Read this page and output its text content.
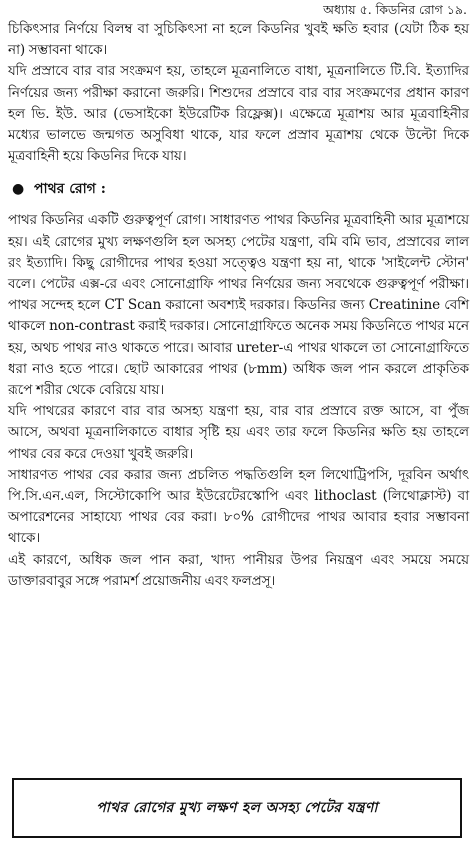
অধ্যায় ৫. কিডনির রোগ ১৯.

চিকিৎসার নির্ণয়ে বিলম্ব বা সুচিকিৎসা না হলে কিডনির খুবই ক্ষতি হবার (যেটা ঠিক হয় না) সম্ভাবনা থাকে।

যদি প্রস্রাবে বার বার সংক্রমণ হয়, তাহলে মূত্রনালিতে বাধা, মূত্রনালিতে টি.বি. ইত্যাদির নির্ণয়ের জন্য পরীক্ষা করানো জরুরি। শিশুদের প্রস্রাবে বার বার সংক্রমণের প্রধান কারণ হল ভি. ইউ. আর (ভেসাইকো ইউরেটিক রিফ্লেক্স)। এক্ষেত্রে মূত্রাশয় আর মূত্রবাহিনীর মধ্যের ভালভে জন্মগত অসুবিধা থাকে, যার ফলে প্রস্রাব মূত্রাশয় থেকে উল্টো দিকে মূত্রবাহিনী হয়ে কিডনির দিকে যায়।

● পাথর রোগ :

পাথর কিডনির একটি গুরুত্বপূর্ণ রোগ। সাধারণত পাথর কিডনির মূত্রবাহিনী আর মূত্রাশয়ে হয়। এই রোগের মুখ্য লক্ষণগুলি হল অসহ্য পেটের যন্ত্রণা, বমি বমি ভাব, প্রস্রাবের লাল রং ইত্যাদি। কিছু রোগীদের পাথর হওয়া সত্ত্বেও যন্ত্রণা হয় না, থাকে 'সাইলেন্ট স্টোন' বলে। পেটের এক্স-রে এবং সোনোগ্রাফি পাথর নির্ণয়ের জন্য সবথেকে গুরুত্বপূর্ণ পরীক্ষা। পাথর সন্দেহ হলে CT Scan করানো অবশ্যই দরকার। কিডনির জন্য Creatinine বেশি থাকলে non-contrast করাই দরকার। সোনোগ্রাফিতে অনেক সময় কিডনিতে পাথর মনে হয়, অথচ পাথর নাও থাকতে পারে। আবার ureter-এ পাথর থাকলে তা সোনোগ্রাফিতে ধরা নাও হতে পারে। ছোট আকারের পাথর (৮mm) অধিক জল পান করলে প্রাকৃতিক রূপে শরীর থেকে বেরিয়ে যায়।

যদি পাথরের কারণে বার বার অসহ্য যন্ত্রণা হয়, বার বার প্রস্রাবে রক্ত আসে, বা পুঁজ আসে, অথবা মূত্রনালিকাতে বাধার সৃষ্টি হয় এবং তার ফলে কিডনির ক্ষতি হয় তাহলে পাথর বের করে দেওয়া খুবই জরুরি।

সাধারণত পাথর বের করার জন্য প্রচলিত পদ্ধতিগুলি হল লিথোট্রিপসি, দূরবিন অর্থাৎ পি.সি.এন.এল, সিস্টোকোপি আর ইউরেটেরস্কোপি এবং lithoclast (লিথোক্লাস্ট) বা অপারেশনের সাহায্যে পাথর বের করা। ৮০% রোগীদের পাথর আবার হবার সম্ভাবনা থাকে।

এই কারণে, অধিক জল পান করা, খাদ্য পানীয়র উপর নিয়ন্ত্রণ এবং সময়ে সময়ে ডাক্তারবাবুর সঙ্গে পরামর্শ প্রয়োজনীয় এবং ফলপ্রসূ।

পাথর রোগের মুখ্য লক্ষণ হল অসহ্য পেটের যন্ত্রণা
